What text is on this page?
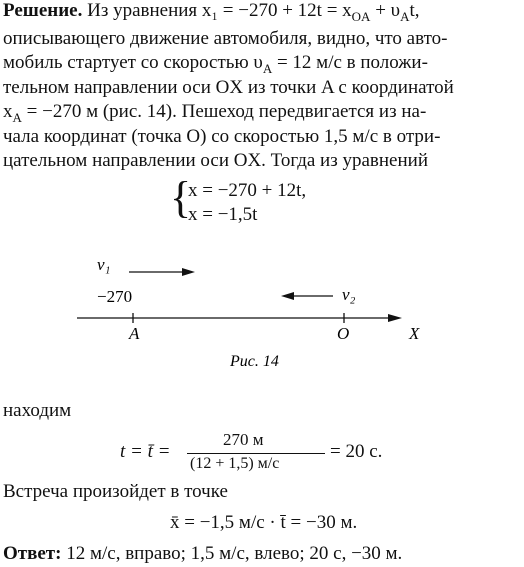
Решение. Из уравнения $x_1 = -270 + 12t = x_{OA} + \upsilon_At$,
описывающего движение автомобиля, видно, что авто-
мобиль стартует со скоростью $\upsilon_A = 12$ м/с в положи-
тельном направлении оси OX из точки A с координатой
$x_A = -270$ м (рис. 14). Пешеход передвигается из на-
чала координат (точка O) со скоростью 1,5 м/с в отри-
цательном направлении оси OX. Тогда из уравнений
{
x = −270 + 12t,
x = −1,5t
v₁
−270	v₂
A	O	X
Рис. 14
находим
t = t̄ =
270 м
(12 + 1,5) м/с
= 20 с.
Встреча произойдет в точке
x̄ = −1,5 м/с · t̄ = −30 м.
Ответ: 12 м/с, вправо; 1,5 м/с, влево; 20 с, −30 м.
